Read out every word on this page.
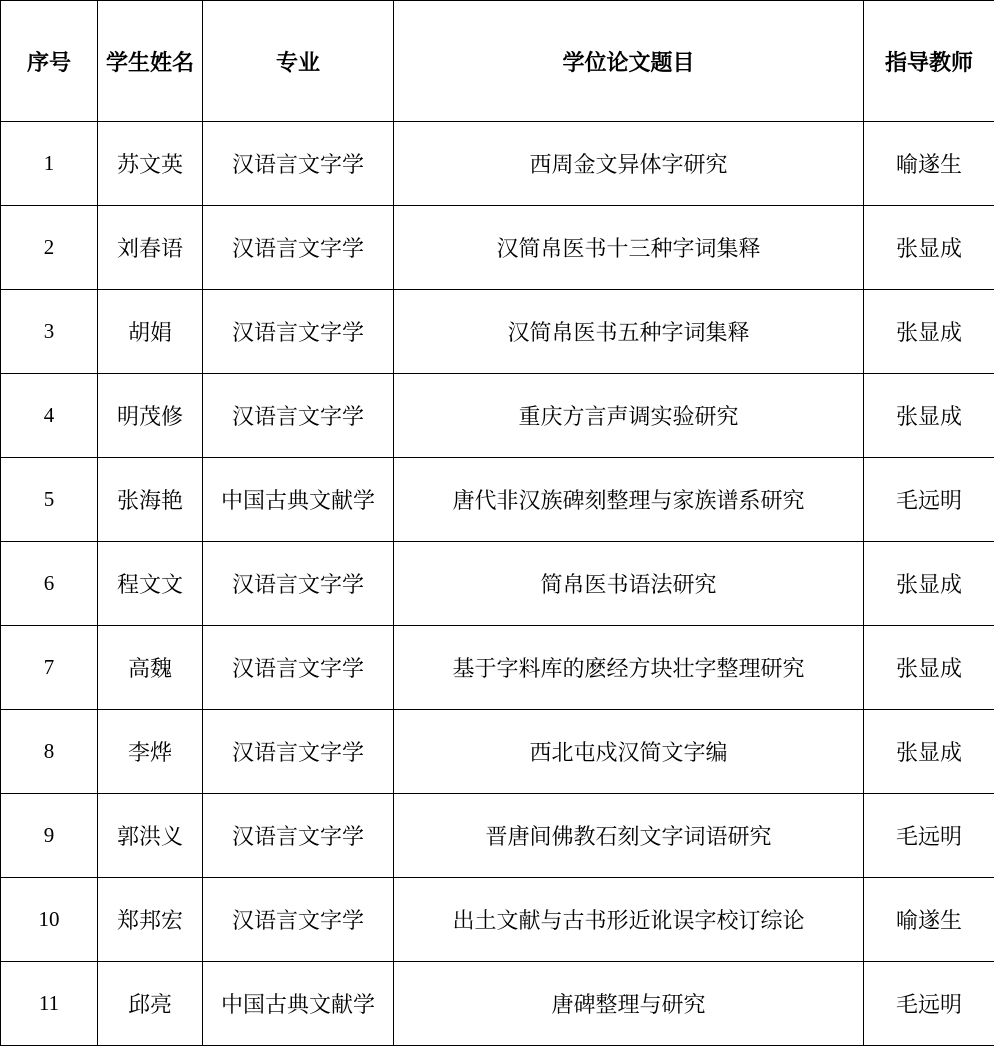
序号	学生姓名	专业	学位论文题目	指导教师
1	苏文英	汉语言文字学	西周金文异体字研究	喻遂生
2	刘春语	汉语言文字学	汉简帛医书十三种字词集释	张显成
3	胡娟	汉语言文字学	汉简帛医书五种字词集释	张显成
4	明茂修	汉语言文字学	重庆方言声调实验研究	张显成
5	张海艳	中国古典文献学	唐代非汉族碑刻整理与家族谱系研究	毛远明
6	程文文	汉语言文字学	简帛医书语法研究	张显成
7	高魏	汉语言文字学	基于字料库的麽经方块壮字整理研究	张显成
8	李烨	汉语言文字学	西北屯戍汉简文字编	张显成
9	郭洪义	汉语言文字学	晋唐间佛教石刻文字词语研究	毛远明
10	郑邦宏	汉语言文字学	出土文献与古书形近讹误字校订综论	喻遂生
11	邱亮	中国古典文献学	唐碑整理与研究	毛远明
